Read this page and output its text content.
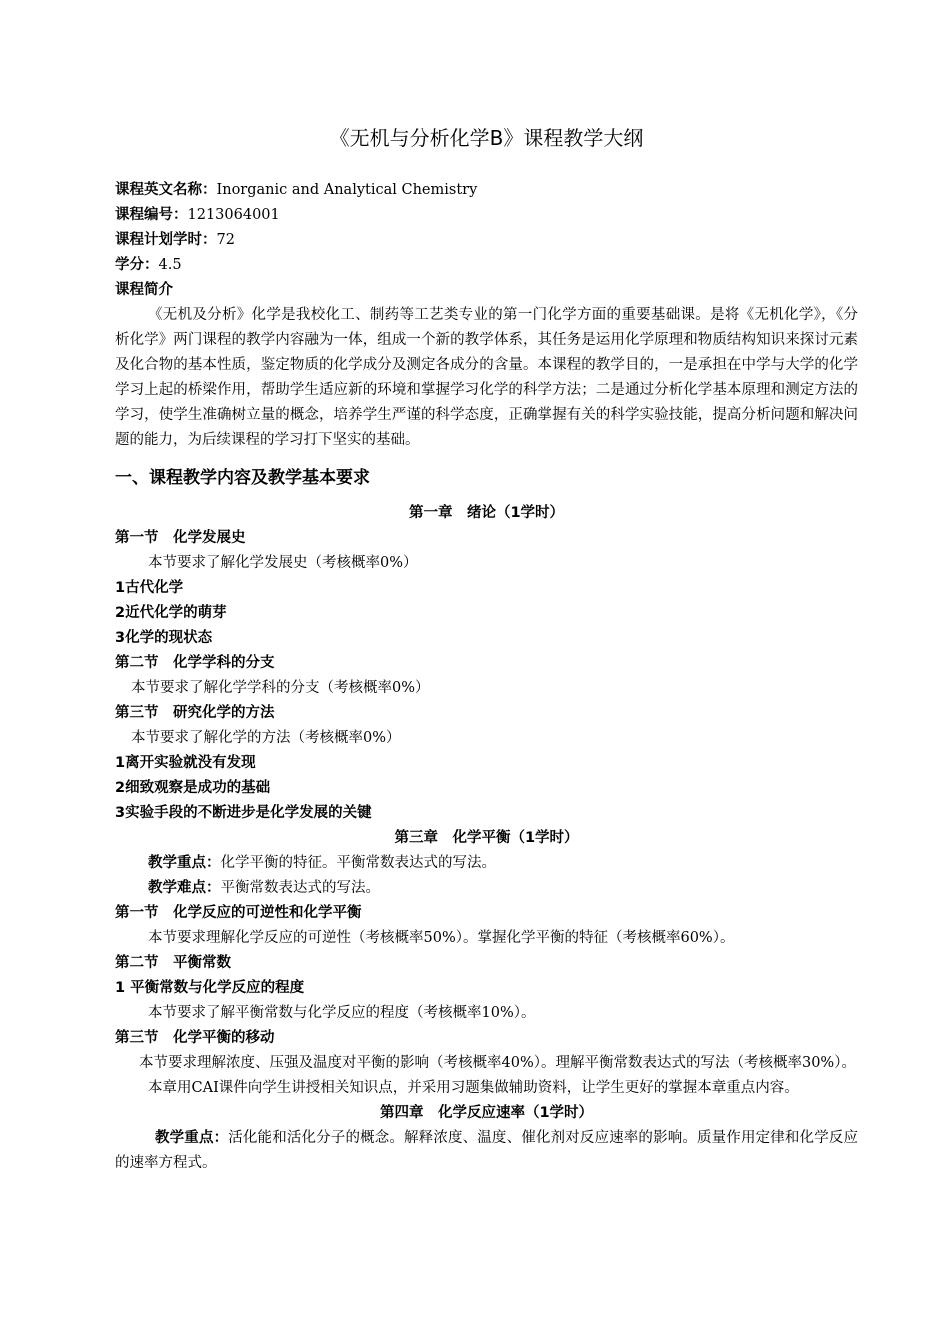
《无机与分析化学B》课程教学大纲
课程英文名称：Inorganic and Analytical Chemistry
课程编号：1213064001
课程计划学时：72
学分：4.5
课程简介
《无机及分析》化学是我校化工、制药等工艺类专业的第一门化学方面的重要基础课。是将《无机化学》，《分析化学》两门课程的教学内容融为一体，组成一个新的教学体系，其任务是运用化学原理和物质结构知识来探讨元素及化合物的基本性质，鉴定物质的化学成分及测定各成分的含量。本课程的教学目的，一是承担在中学与大学的化学学习上起的桥梁作用，帮助学生适应新的环境和掌握学习化学的科学方法；二是通过分析化学基本原理和测定方法的学习，使学生准确树立量的概念，培养学生严谨的科学态度，正确掌握有关的科学实验技能，提高分析问题和解决问题的能力，为后续课程的学习打下坚实的基础。
一、课程教学内容及教学基本要求
第一章　绪论（1学时）
第一节　化学发展史
本节要求了解化学发展史（考核概率0%）
1古代化学
2近代化学的萌芽
3化学的现状态
第二节　化学学科的分支
本节要求了解化学学科的分支（考核概率0%）
第三节　研究化学的方法
本节要求了解化学的方法（考核概率0%）
1离开实验就没有发现
2细致观察是成功的基础
3实验手段的不断进步是化学发展的关键
第三章　化学平衡（1学时）
教学重点：化学平衡的特征。平衡常数表达式的写法。
教学难点：平衡常数表达式的写法。
第一节　化学反应的可逆性和化学平衡
本节要求理解化学反应的可逆性（考核概率50%）。掌握化学平衡的特征（考核概率60%）。
第二节　平衡常数
1 平衡常数与化学反应的程度
本节要求了解平衡常数与化学反应的程度（考核概率10%）。
第三节　化学平衡的移动
本节要求理解浓度、压强及温度对平衡的影响（考核概率40%）。理解平衡常数表达式的写法（考核概率30%）。
本章用CAI课件向学生讲授相关知识点，并采用习题集做辅助资料，让学生更好的掌握本章重点内容。
第四章　化学反应速率（1学时）
教学重点：活化能和活化分子的概念。解释浓度、温度、催化剂对反应速率的影响。质量作用定律和化学反应的速率方程式。
